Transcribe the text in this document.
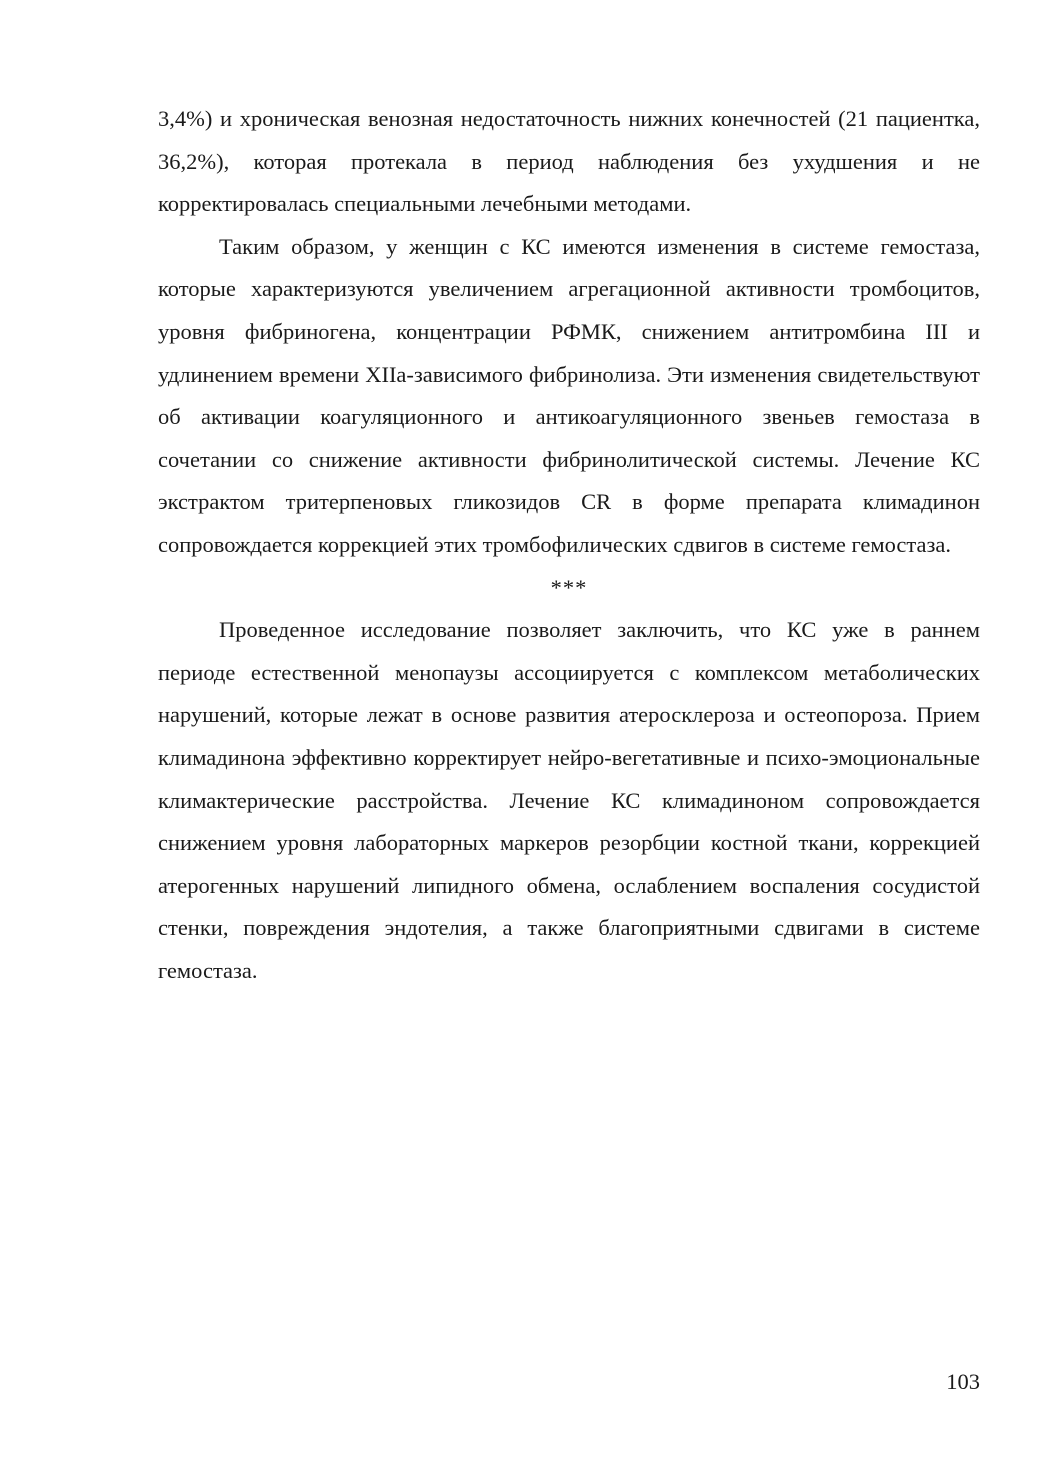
3,4%) и хроническая венозная недостаточность нижних конечностей (21 пациентка, 36,2%), которая протекала в период наблюдения без ухудшения и не корректировалась специальными лечебными методами.

Таким образом, у женщин с КС имеются изменения в системе гемостаза, которые характеризуются увеличением агрегационной активности тромбоцитов, уровня фибриногена, концентрации РФМК, снижением антитромбина III и удлинением времени XIIа-зависимого фибринолиза. Эти изменения свидетельствуют об активации коагуляционного и антикоагуляционного звеньев гемостаза в сочетании со снижение активности фибринолитической системы. Лечение КС экстрактом тритерпеновых гликозидов CR в форме препарата климадинон сопровождается коррекцией этих тромбофилических сдвигов в системе гемостаза.

***

Проведенное исследование позволяет заключить, что КС уже в раннем периоде естественной менопаузы ассоциируется с комплексом метаболических нарушений, которые лежат в основе развития атеросклероза и остеопороза. Прием климадинона эффективно корректирует нейро-вегетативные и психо-эмоциональные климактерические расстройства. Лечение КС климадиноном сопровождается снижением уровня лабораторных маркеров резорбции костной ткани, коррекцией атерогенных нарушений липидного обмена, ослаблением воспаления сосудистой стенки, повреждения эндотелия, а также благоприятными сдвигами в системе гемостаза.

103
